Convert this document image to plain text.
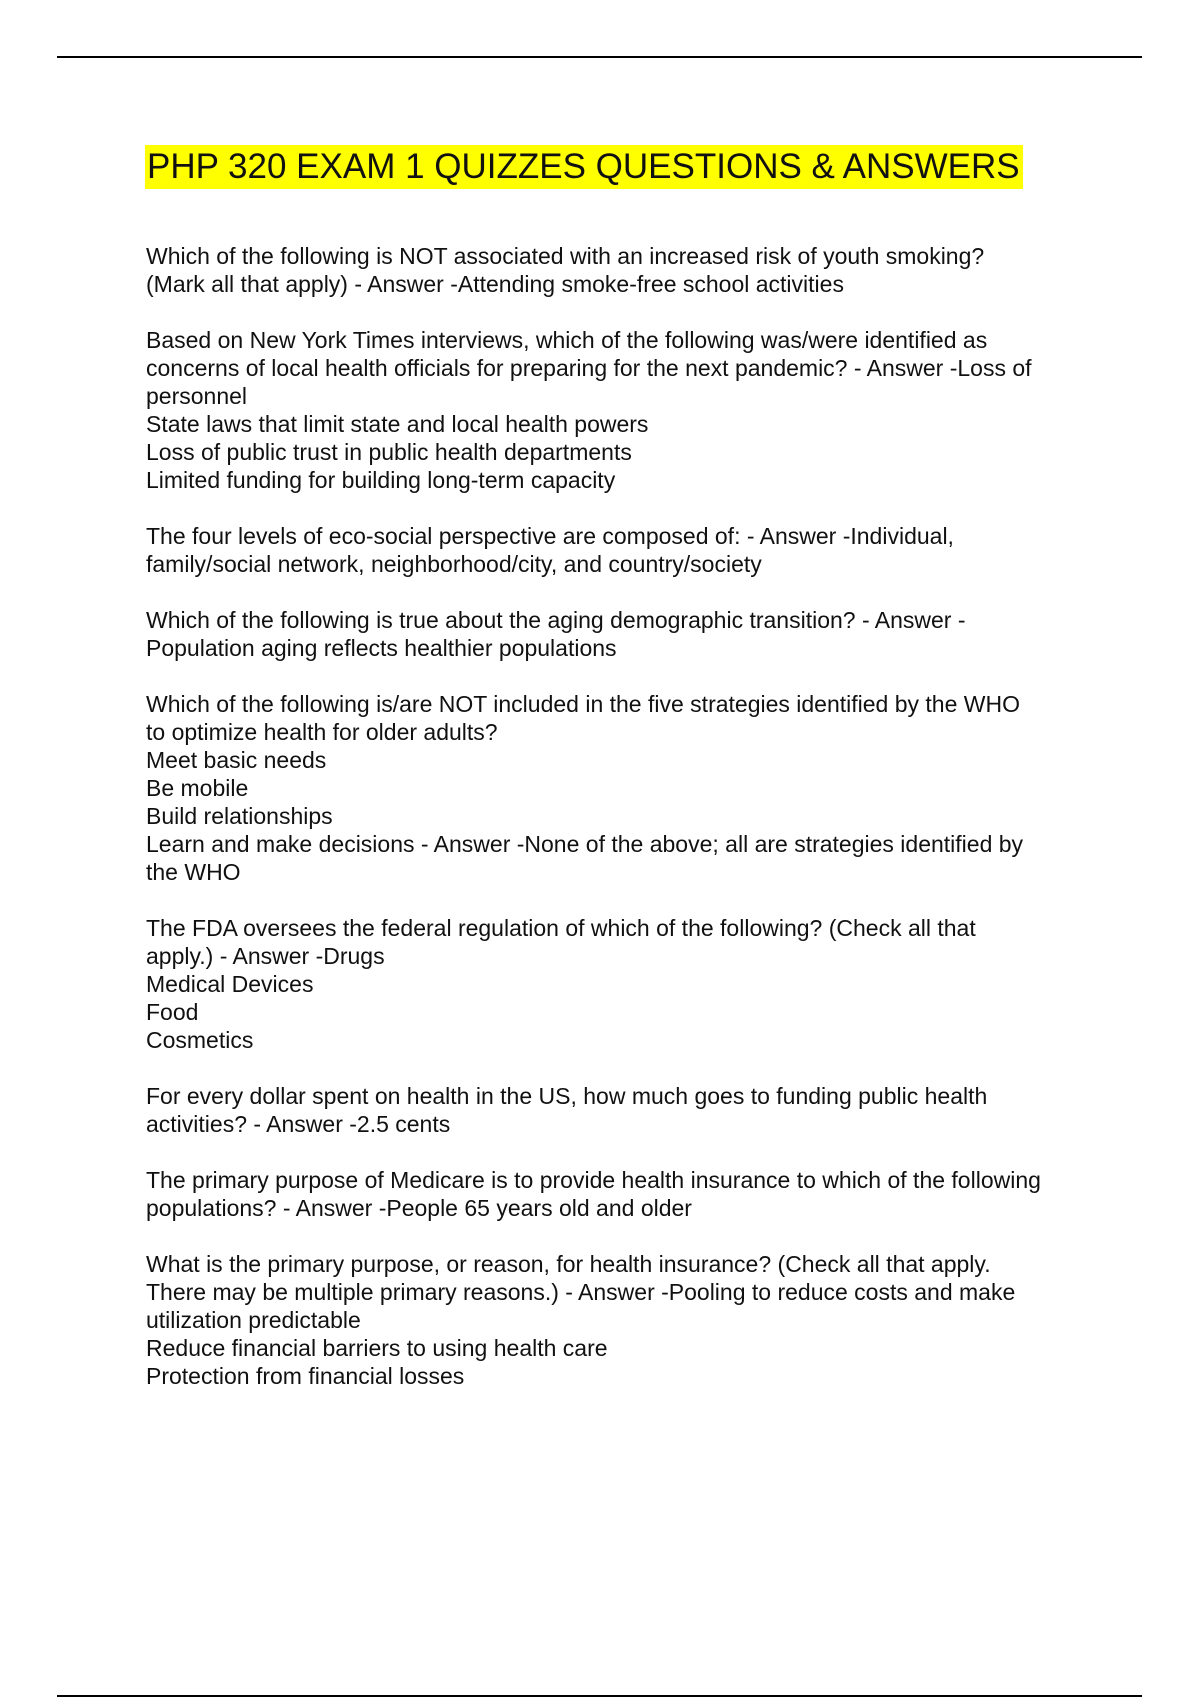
PHP 320 EXAM 1 QUIZZES QUESTIONS & ANSWERS
Which of the following is NOT associated with an increased risk of youth smoking?
(Mark all that apply) - Answer -Attending smoke-free school activities
Based on New York Times interviews, which of the following was/were identified as
concerns of local health officials for preparing for the next pandemic? - Answer -Loss of
personnel
State laws that limit state and local health powers
Loss of public trust in public health departments
Limited funding for building long-term capacity
The four levels of eco-social perspective are composed of: - Answer -Individual,
family/social network, neighborhood/city, and country/society
Which of the following is true about the aging demographic transition? - Answer -
Population aging reflects healthier populations
Which of the following is/are NOT included in the five strategies identified by the WHO
to optimize health for older adults?
Meet basic needs
Be mobile
Build relationships
Learn and make decisions - Answer -None of the above; all are strategies identified by
the WHO
The FDA oversees the federal regulation of which of the following? (Check all that
apply.) - Answer -Drugs
Medical Devices
Food
Cosmetics
For every dollar spent on health in the US, how much goes to funding public health
activities? - Answer -2.5 cents
The primary purpose of Medicare is to provide health insurance to which of the following
populations? - Answer -People 65 years old and older
What is the primary purpose, or reason, for health insurance? (Check all that apply.
There may be multiple primary reasons.) - Answer -Pooling to reduce costs and make
utilization predictable
Reduce financial barriers to using health care
Protection from financial losses
